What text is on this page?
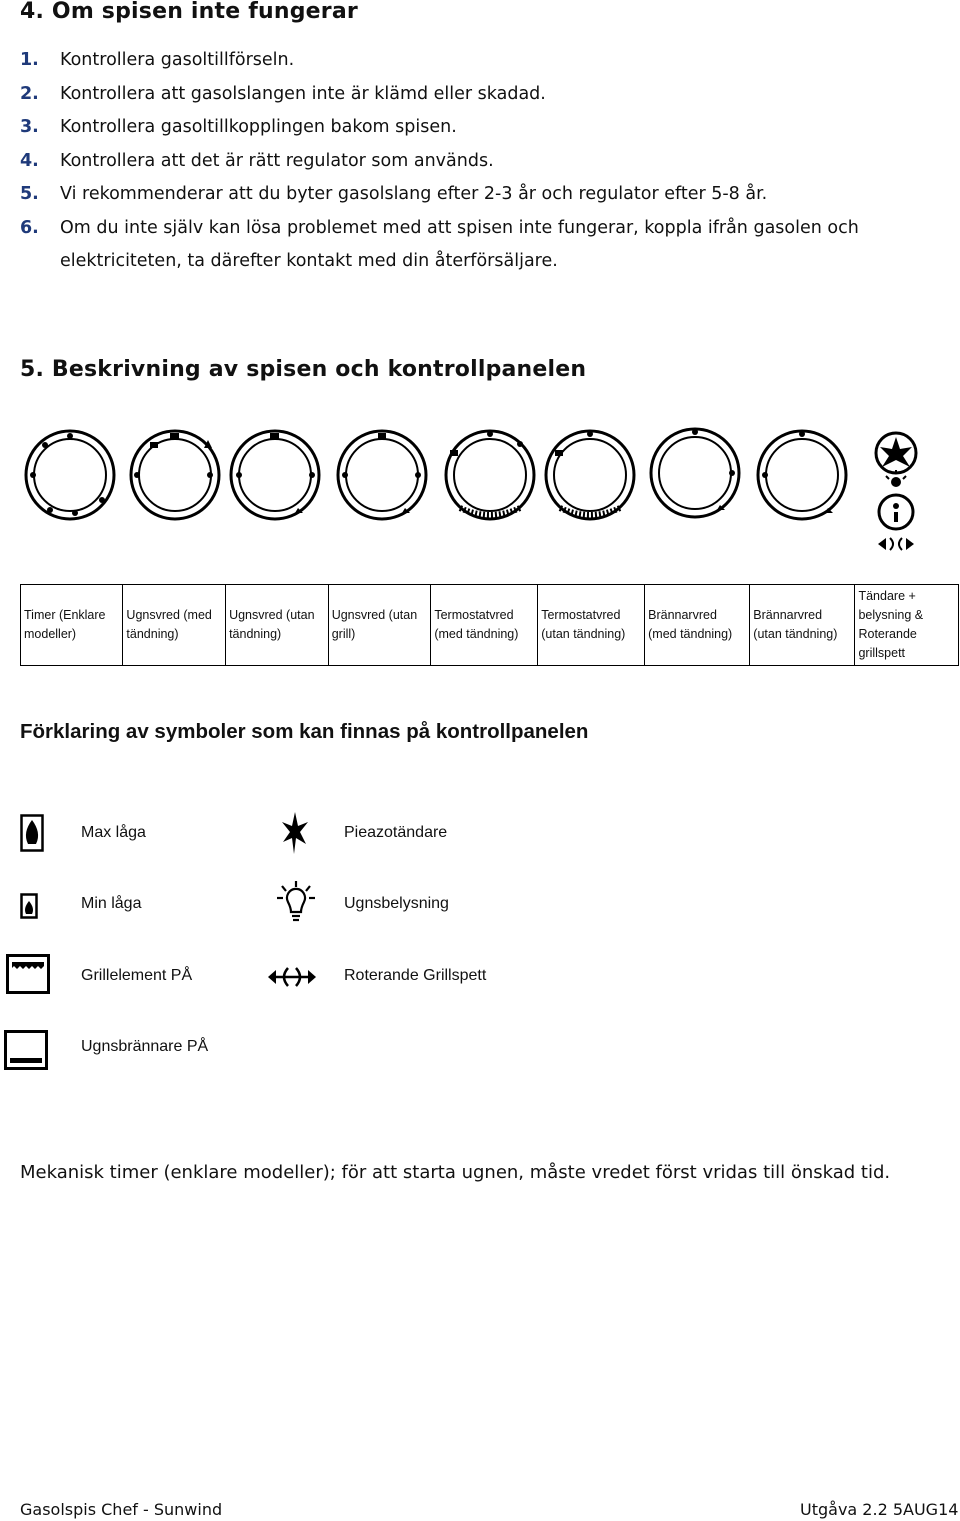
4. Om spisen inte fungerar
1.	Kontrollera gasoltillförseln.
2.	Kontrollera att gasolslangen inte är klämd eller skadad.
3.	Kontrollera gasoltillkopplingen bakom spisen.
4.	Kontrollera att det är rätt regulator som används.
5.	Vi rekommenderar att du byter gasolslang efter 2-3 år och regulator efter 5-8 år.
6.	Om du inte själv kan lösa problemet med att spisen inte fungerar, koppla ifrån gasolen och elektriciteten, ta därefter kontakt med din återförsäljare.
5. Beskrivning av spisen och kontrollpanelen
Timer (Enklare modeller)	Ugnsvred (med tändning)	Ugnsvred (utan tändning)	Ugnsvred (utan grill)	Termostatvred (med tändning)	Termostatvred (utan tändning)	Brännarvred (med tändning)	Brännarvred (utan tändning)	Tändare + belysning & Roterande grillspett
Förklaring av symboler som kan finnas på kontrollpanelen
Max låga	Pieazotändare
Min låga	Ugnsbelysning
Grillelement PÅ	Roterande Grillspett
Ugnsbrännare PÅ

Mekanisk timer (enklare modeller); för att starta ugnen, måste vredet först vridas till önskad tid.

Gasolspis Chef - Sunwind	Utgåva 2.2 5AUG14
